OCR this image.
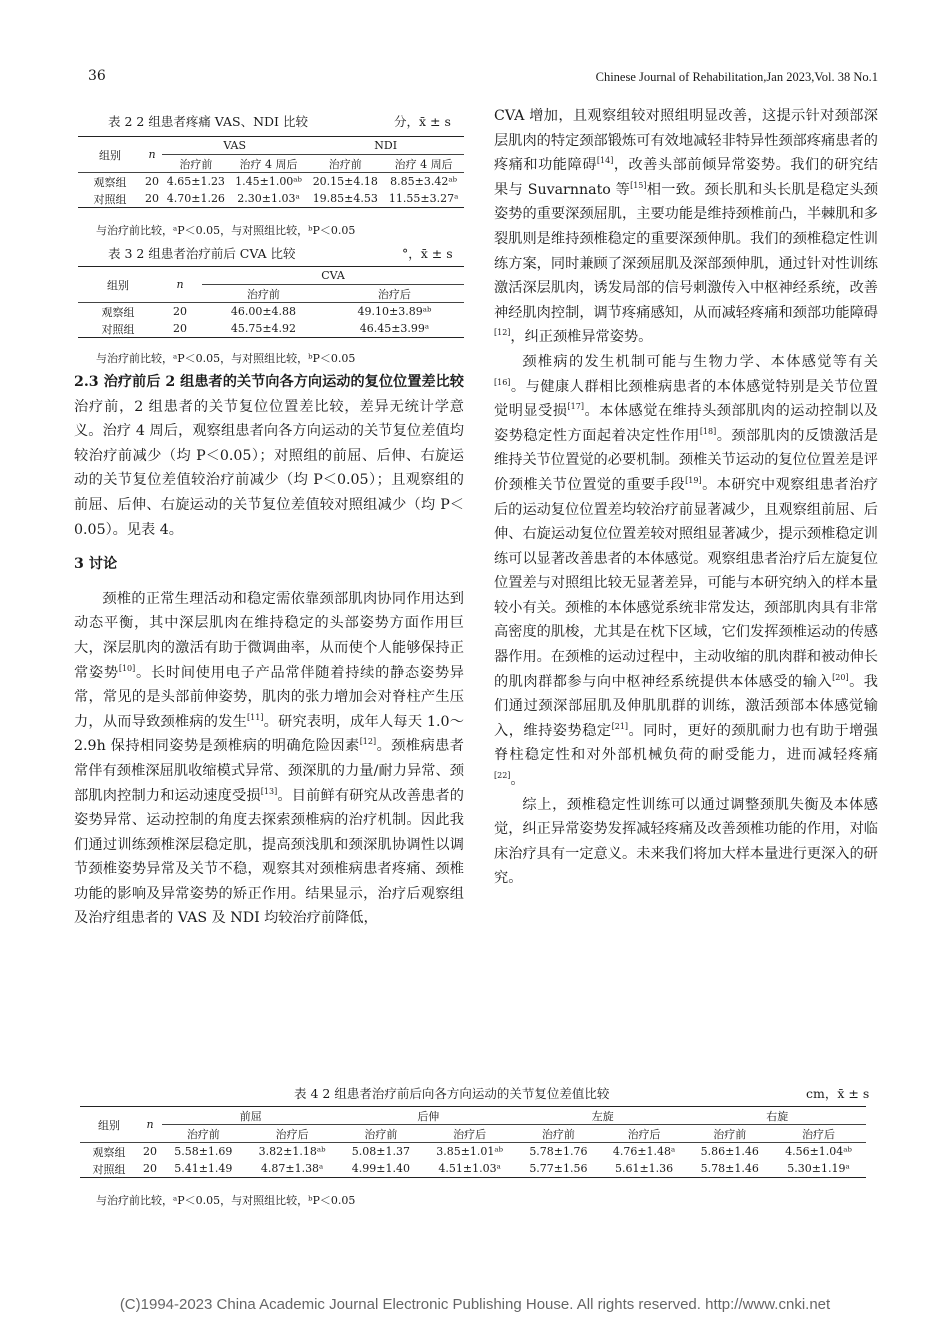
36	Chinese Journal of Rehabilitation,Jan 2023,Vol. 38 No.1
表 2 2 组患者疼痛 VAS、NDI 比较	分，x̄ ± s
组别	n	VAS		NDI	
		治疗前	治疗 4 周后	治疗前	治疗 4 周后
观察组	20	4.65±1.23	1.45±1.00ᵃᵇ	20.15±4.18	8.85±3.42ᵃᵇ
对照组	20	4.70±1.26	2.30±1.03ᵃ	19.85±4.53	11.55±3.27ᵃ
与治疗前比较，ᵃP＜0.05，与对照组比较，ᵇP＜0.05
表 3 2 组患者治疗前后 CVA 比较	°，x̄ ± s
组别	n	CVA	
		治疗前	治疗后
观察组	20	46.00±4.88	49.10±3.89ᵃᵇ
对照组	20	45.75±4.92	46.45±3.99ᵃ
与治疗前比较，ᵃP＜0.05，与对照组比较，ᵇP＜0.05

2.3 治疗前后 2 组患者的关节向各方向运动的复位位置差比较 治疗前，2 组患者的关节复位位置差比较，差异无统计学意义。治疗 4 周后，观察组患者向各方向运动的关节复位差值均较治疗前减少（均 P＜0.05）；对照组的前屈、后伸、右旋运动的关节复位差值较治疗前减少（均 P＜0.05）；且观察组的前屈、后伸、右旋运动的关节复位差值较对照组减少（均 P＜0.05）。见表 4。

3 讨论

颈椎的正常生理活动和稳定需依靠颈部肌肉协同作用达到动态平衡，其中深层肌肉在维持稳定的头部姿势方面作用巨大，深层肌肉的激活有助于微调曲率，从而使个人能够保持正常姿势[10]。长时间使用电子产品常伴随着持续的静态姿势异常，常见的是头部前伸姿势，肌肉的张力增加会对脊柱产生压力，从而导致颈椎病的发生[11]。研究表明，成年人每天 1.0～2.9h 保持相同姿势是颈椎病的明确危险因素[12]。颈椎病患者常伴有颈椎深屈肌收缩模式异常、颈深肌的力量/耐力异常、颈部肌肉控制力和运动速度受损[13]。目前鲜有研究从改善患者的姿势异常、运动控制的角度去探索颈椎病的治疗机制。因此我们通过训练颈椎深层稳定肌，提高颈浅肌和颈深肌协调性以调节颈椎姿势异常及关节不稳，观察其对颈椎病患者疼痛、颈椎功能的影响及异常姿势的矫正作用。结果显示，治疗后观察组及治疗组患者的 VAS 及 NDI 均较治疗前降低，

CVA 增加，且观察组较对照组明显改善，这提示针对颈部深层肌肉的特定颈部锻炼可有效地减轻非特异性颈部疼痛患者的疼痛和功能障碍[14]，改善头部前倾异常姿势。我们的研究结果与 Suvarnnato 等[15]相一致。颈长肌和头长肌是稳定头颈姿势的重要深颈屈肌，主要功能是维持颈椎前凸，半棘肌和多裂肌则是维持颈椎稳定的重要深颈伸肌。我们的颈椎稳定性训练方案，同时兼顾了深颈屈肌及深部颈伸肌，通过针对性训练激活深层肌肉，诱发局部的信号刺激传入中枢神经系统，改善神经肌肉控制，调节疼痛感知，从而减轻疼痛和颈部功能障碍[12]，纠正颈椎异常姿势。

颈椎病的发生机制可能与生物力学、本体感觉等有关[16]。与健康人群相比颈椎病患者的本体感觉特别是关节位置觉明显受损[17]。本体感觉在维持头颈部肌肉的运动控制以及姿势稳定性方面起着决定性作用[18]。颈部肌肉的反馈激活是维持关节位置觉的必要机制。颈椎关节运动的复位位置差是评价颈椎关节位置觉的重要手段[19]。本研究中观察组患者治疗后的运动复位位置差均较治疗前显著减少，且观察组前屈、后伸、右旋运动复位位置差较对照组显著减少，提示颈椎稳定训练可以显著改善患者的本体感觉。观察组患者治疗后左旋复位位置差与对照组比较无显著差异，可能与本研究纳入的样本量较小有关。颈椎的本体感觉系统非常发达，颈部肌肉具有非常高密度的肌梭，尤其是在枕下区域，它们发挥颈椎运动的传感器作用。在颈椎的运动过程中，主动收缩的肌肉群和被动伸长的肌肉群都参与向中枢神经系统提供本体感受的输入[20]。我们通过颈深部屈肌及伸肌肌群的训练，激活颈部本体感觉输入，维持姿势稳定[21]。同时，更好的颈肌耐力也有助于增强脊柱稳定性和对外部机械负荷的耐受能力，进而减轻疼痛[22]。

综上，颈椎稳定性训练可以通过调整颈肌失衡及本体感觉，纠正异常姿势发挥减轻疼痛及改善颈椎功能的作用，对临床治疗具有一定意义。未来我们将加大样本量进行更深入的研究。

表 4 2 组患者治疗前后向各方向运动的关节复位差值比较	cm，x̄ ± s
组别	n	前屈		后伸		左旋		右旋	
		治疗前	治疗后	治疗前	治疗后	治疗前	治疗后	治疗前	治疗后
观察组	20	5.58±1.69	3.82±1.18ᵃᵇ	5.08±1.37	3.85±1.01ᵃᵇ	5.78±1.76	4.76±1.48ᵃ	5.86±1.46	4.56±1.04ᵃᵇ
对照组	20	5.41±1.49	4.87±1.38ᵃ	4.99±1.40	4.51±1.03ᵃ	5.77±1.56	5.61±1.36	5.78±1.46	5.30±1.19ᵃ
与治疗前比较，ᵃP＜0.05，与对照组比较，ᵇP＜0.05
(C)1994-2023 China Academic Journal Electronic Publishing House. All rights reserved. http://www.cnki.net
